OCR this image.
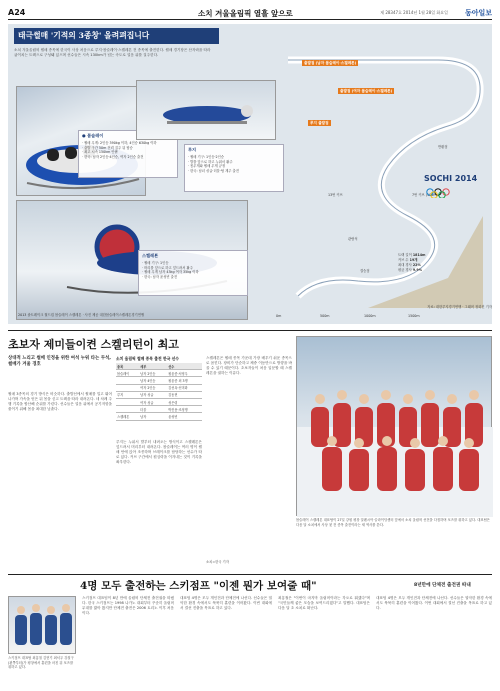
A24	소치 겨울올림픽 열흘 앞으로	제 28347호 2014년 1월 28일 화요일 동아일보
태극썰매 '기적의 3종창' 올려펴집니다
소치 겨울올림픽 썰매 종목에 한국이 사상 처음으로 루지·봅슬레이·스켈레톤 전 종목에 출전한다. 썰매 경기장은 산자락을 따라 굽이치는 트랙으로 구성돼 있으며 선수들은 시속 130km가 넘는 속도로 얼음 위를 질주한다.
● 봅슬레이
· 썰매 무게: 2인승 390kg 이하, 4인승 630kg 이하
· 출발 구간 50m 전력 질주 뒤 탑승
· 최고 시속 150km 안팎
· 한국: 남자 2인승·4인승, 여자 2인승 출전
루지
· 썰매 기구: 1인승·2인승
· 발을 앞으로 하고 누워서 활주
· 몸무게와 썰매 무게 규정
· 한국: 남녀 싱글·더블·팀 계주 출전
스켈레톤
· 썰매 기구: 1인승
· 머리를 앞으로 하고 엎드려서 활주
· 썰매 무게 남자 43kg 여자 35kg 이하
· 한국: 남자 윤성빈 출전
2013 솔트레이크 월드컵 봅슬레이 스켈레톤 · 사진 제공 대한봅슬레이스켈레톤경기연맹
출발점 (남자 봅슬레이·스켈레톤)
출발점 (여자 봅슬레이·스켈레톤)
루지 출발점
관람석
결승점
7번 커브 (100m)
13번 커브
반환점
SOCHI 2014
트랙 길이 1814m
커브 수 19개
최대 경사 22%
평균 경사 9.9%
0m	500m	1000m	1500m
자료: 대한루지경기연맹 · 그래픽 정화진 기자
초보자 제미들이켠 스켈리턴이 최고
상대적 느리고 썰매 인정을 위한 여석 누워 타는 두석, 썰매가 겨울 경호
썰매 3종목의 경기 방식은 비슷하다. 출발선에서 썰매를 밀고 뛰어 나가며 가속을 얻은 뒤 몸을 싣고 트랙을 따라 내려온다. 네 차례 주행 기록을 합산해 순위를 가린다. 선수들은 얼음 위에서 공기저항을 줄이기 위해 몸을 최대한 낮춘다.
소치 올림픽 썰매 종목 출전 한국 선수
종목	세부	선수
봅슬레이	남자 2인승	원윤종·서영우
	남자 4인승	원윤종 외 3명
	여자 2인승	김선옥·신미화
루지	남자 싱글	김동현
	여자 싱글	성은령
	더블	박진용·조정명
스켈레톤	남자	윤성빈
루지는 누워서 발부터 내려오는 방식이고 스켈레톤은 엎드려서 머리부터 내려온다. 봅슬레이는 여러 명이 썰매 안에 앉아 조종하며 브레이크를 담당하는 선수가 따로 있다. 커브 구간에서 원심력을 이겨내는 것이 기록을 좌우한다.
스켈레톤은 썰매 종목 가운데 가장 배우기 쉬운 종목으로 꼽힌다. 장비가 단순하고 체중 이동만으로 방향을 바꿀 수 있기 때문이다. 초보자들이 처음 입문할 때 스켈레톤을 권하는 이유다.
소치=한국 기자
봅슬레이 스켈레톤 대표팀이 27일 강원 평창 알펜시아 슬라이딩센터 앞에서 소치 올림픽 선전을 다짐하며 포즈를 취하고 있다. 대표팀은 다음 달 소치에서 사상 첫 전 종목 출전이라는 새 역사를 쓴다.
4명 모두 출전하는 스키점프 "이젠 뭔가 보여줄 때"	8년만에 단체전 출전권 따내
스키점프 대표팀 최흥철 김현기 최서우 강칠구(왼쪽부터)가 평창에서 훈련을 마친 뒤 포즈를 취하고 있다.
스키점프 대표팀이 8년 만에 올림픽 단체전 출전권을 따냈다. 한국 스키점프는 1998 나가노 대회부터 꾸준히 올림픽 무대를 밟아 왔지만 단체전 출전은 2006 토리노 이후 처음이다.
대표팀 4명은 모두 개인전과 단체전에 나선다. 선수들은 열악한 환경 속에서도 묵묵히 훈련을 이어왔다. 이번 대회에서 결선 진출을 목표로 하고 있다.
최흥철은 "이번이 마지막 올림픽이라는 각오로 뛰겠다"며 "국민들께 좋은 모습을 보여드리겠다"고 말했다. 대표팀은 다음 달 초 소치로 떠난다.
대표팀 4명은 모두 개인전과 단체전에 나선다. 선수들은 열악한 환경 속에서도 묵묵히 훈련을 이어왔다. 이번 대회에서 결선 진출을 목표로 하고 있다.
